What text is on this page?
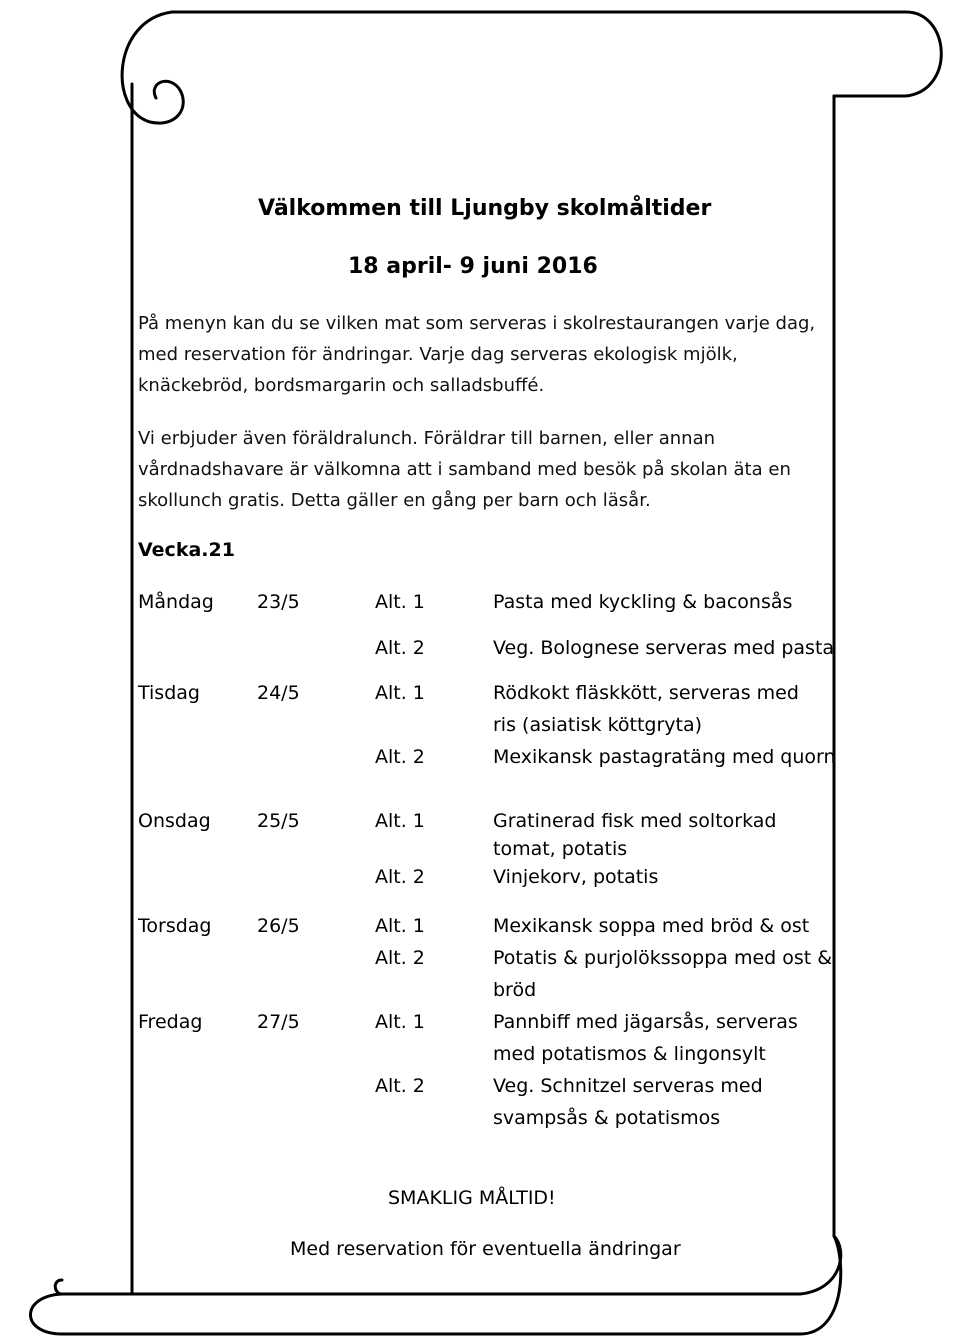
Välkommen till Ljungby skolmåltider
18 april- 9 juni 2016
På menyn kan du se vilken mat som serveras i skolrestaurangen varje dag,
med reservation för ändringar. Varje dag serveras ekologisk mjölk,
knäckebröd, bordsmargarin och salladsbuffé.
Vi erbjuder även föräldralunch. Föräldrar till barnen, eller annan
vårdnadshavare är välkomna att i samband med besök på skolan äta en
skollunch gratis. Detta gäller en gång per barn och läsår.
Vecka.21
Måndag 23/5	Alt. 1	Pasta med kyckling & baconsås
Alt. 2	Veg. Bolognese serveras med pasta
Tisdag	24/5	Alt. 1	Rödkokt fläskkött, serveras med
ris (asiatisk köttgryta)
Alt. 2	Mexikansk pastagratäng med quorn
Onsdag 25/5	Alt. 1	Gratinerad fisk med soltorkad
tomat, potatis
Alt. 2	Vinjekorv, potatis
Torsdag 26/5	Alt. 1	Mexikansk soppa med bröd & ost
Alt. 2	Potatis & purjolökssoppa med ost &
bröd
Fredag	27/5	Alt. 1	Pannbiff med jägarsås, serveras
med potatismos & lingonsylt
Alt. 2	Veg. Schnitzel serveras med
svampsås & potatismos
SMAKLIG MÅLTID!
Med reservation för eventuella ändringar
